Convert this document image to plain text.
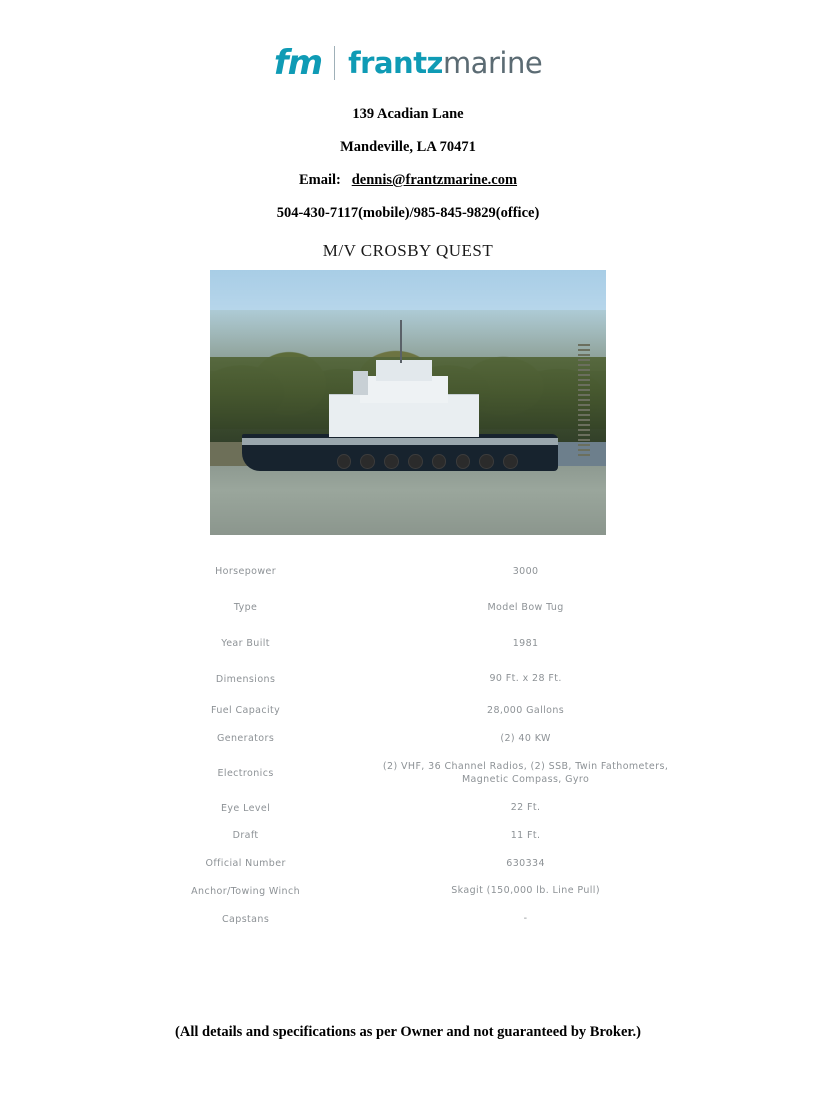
fm frantz marine
139 Acadian Lane
Mandeville, LA 70471
Email: dennis@frantzmarine.com
504-430-7117(mobile)/985-845-9829(office)
M/V CROSBY QUEST
Horsepower	3000
Type	Model Bow Tug
Year Built	1981
Dimensions	90 Ft. x 28 Ft.
Fuel Capacity	28,000 Gallons
Generators	(2) 40 KW
Electronics	(2) VHF, 36 Channel Radios, (2) SSB, Twin Fathometers, Magnetic Compass, Gyro
Eye Level	22 Ft.
Draft	11 Ft.
Official Number	630334
Anchor/Towing Winch	Skagit (150,000 lb. Line Pull)
Capstans	-
(All details and specifications as per Owner and not guaranteed by Broker.)
